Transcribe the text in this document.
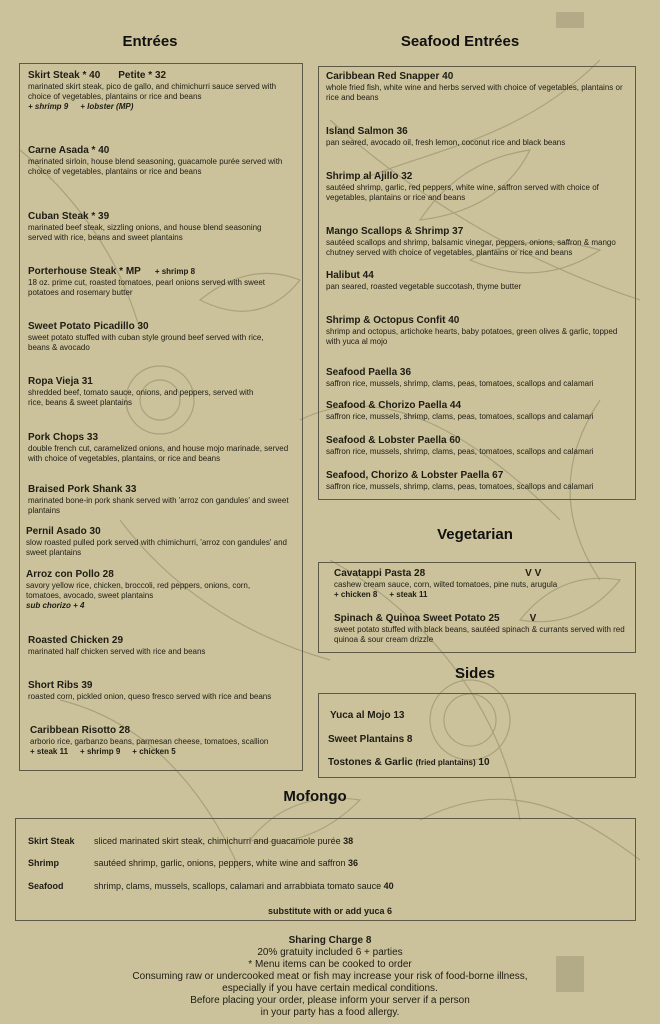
Entrées
Skirt Steak * 40 Petite * 32
marinated skirt steak, pico de gallo, and chimichurri sauce served with choice of vegetables, plantains or rice and beans
+ shrimp 9 + lobster (MP)
Carne Asada * 40
marinated sirloin, house blend seasoning, guacamole purée served with choice of vegetables, plantains or rice and beans
Cuban Steak * 39
marinated beef steak, sizzling onions, and house blend seasoning served with rice, beans and sweet plantains
Porterhouse Steak * MP + shrimp 8
18 oz. prime cut, roasted tomatoes, pearl onions served with sweet potatoes and rosemary butter
Sweet Potato Picadillo 30
sweet potato stuffed with cuban style ground beef served with rice, beans & avocado
Ropa Vieja 31
shredded beef, tomato sauce, onions, and peppers, served with rice, beans & sweet plantains
Pork Chops 33
double french cut, caramelized onions, and house mojo marinade, served with choice of vegetables, plantains, or rice and beans
Braised Pork Shank 33
marinated bone-in pork shank served with 'arroz con gandules' and sweet plantains
Pernil Asado 30
slow roasted pulled pork served with chimichurri, 'arroz con gandules' and sweet plantains
Arroz con Pollo 28
savory yellow rice, chicken, broccoli, red peppers, onions, corn, tomatoes, avocado, sweet plantains
sub chorizo + 4
Roasted Chicken 29
marinated half chicken served with rice and beans
Short Ribs 39
roasted corn, pickled onion, queso fresco served with rice and beans
Caribbean Risotto 28
arborio rice, garbanzo beans, parmesan cheese, tomatoes, scallion
+ steak 11 + shrimp 9 + chicken 5
Seafood Entrées
Caribbean Red Snapper 40
whole fried fish, white wine and herbs served with choice of vegetables, plantains or rice and beans
Island Salmon 36
pan seared, avocado oil, fresh lemon, coconut rice and black beans
Shrimp al Ajillo 32
sautéed shrimp, garlic, red peppers, white wine, saffron served with choice of vegetables, plantains or rice and beans
Mango Scallops & Shrimp 37
sautéed scallops and shrimp, balsamic vinegar, peppers, onions, saffron & mango chutney served with choice of vegetables, plantains or rice and beans
Halibut 44
pan seared, roasted vegetable succotash, thyme butter
Shrimp & Octopus Confit 40
shrimp and octopus, artichoke hearts, baby potatoes, green olives & garlic, topped with yuca al mojo
Seafood Paella 36
saffron rice, mussels, shrimp, clams, peas, tomatoes, scallops and calamari
Seafood & Chorizo Paella 44
saffron rice, mussels, shrimp, clams, peas, tomatoes, scallops and calamari
Seafood & Lobster Paella 60
saffron rice, mussels, shrimp, clams, peas, tomatoes, scallops and calamari
Seafood, Chorizo & Lobster Paella 67
saffron rice, mussels, shrimp, clams, peas, tomatoes, scallops and calamari
Vegetarian
Cavatappi Pasta 28	V V
cashew cream sauce, corn, wilted tomatoes, pine nuts, arugula
+ chicken 8 + steak 11
Spinach & Quinoa Sweet Potato 25	V
sweet potato stuffed with black beans, sautéed spinach & currants served with red quinoa & sour cream drizzle
Sides
Yuca al Mojo 13
Sweet Plantains 8
Tostones & Garlic (fried plantains) 10
Mofongo
Skirt Steak sliced marinated skirt steak, chimichurri and guacamole purée 38
Shrimp	sautéed shrimp, garlic, onions, peppers, white wine and saffron 36
Seafood	shrimp, clams, mussels, scallops, calamari and arrabbiata tomato sauce 40
substitute with or add yuca 6
Sharing Charge 8
20% gratuity included 6 + parties
* Menu items can be cooked to order
Consuming raw or undercooked meat or fish may increase your risk of food-borne illness,
especially if you have certain medical conditions.
Before placing your order, please inform your server if a person
in your party has a food allergy.
